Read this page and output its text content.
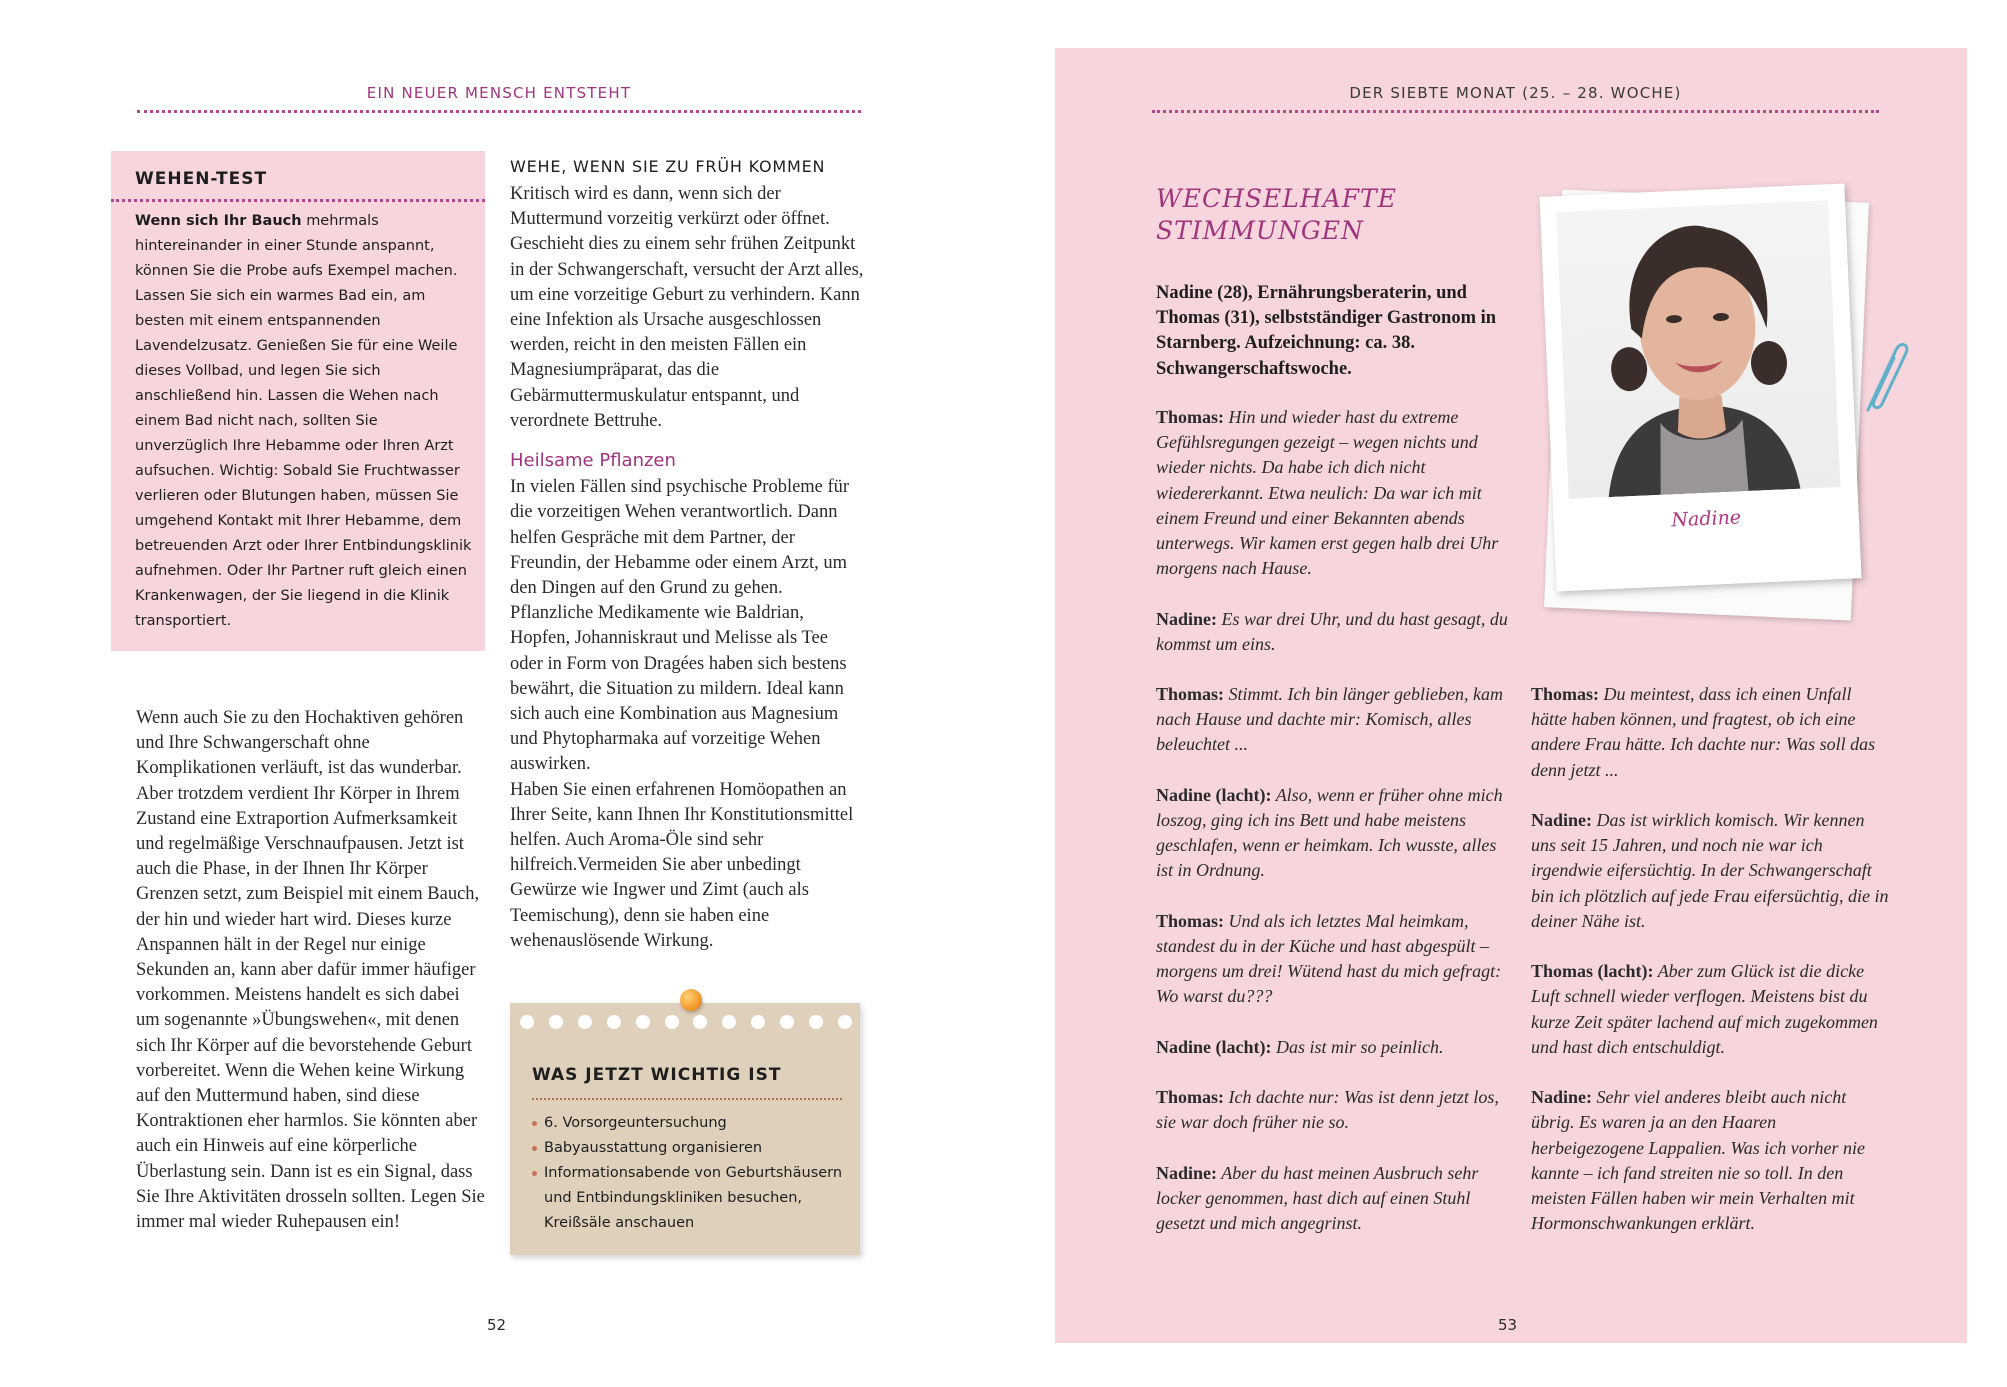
EIN NEUER MENSCH ENTSTEHT
WEHEN-TEST
Wenn sich Ihr Bauch mehrmals hintereinander in einer Stunde anspannt, können Sie die Probe aufs Exempel machen. Lassen Sie sich ein warmes Bad ein, am besten mit einem entspannenden Lavendelzusatz. Genießen Sie für eine Weile dieses Vollbad, und legen Sie sich anschließend hin. Lassen die Wehen nach einem Bad nicht nach, sollten Sie unverzüglich Ihre Hebamme oder Ihren Arzt aufsuchen. Wichtig: Sobald Sie Fruchtwasser verlieren oder Blutungen haben, müssen Sie umgehend Kontakt mit Ihrer Hebamme, dem betreuenden Arzt oder Ihrer Entbindungsklinik aufnehmen. Oder Ihr Partner ruft gleich einen Krankenwagen, der Sie liegend in die Klinik transportiert.
Wenn auch Sie zu den Hochaktiven gehören und Ihre Schwangerschaft ohne Komplikationen verläuft, ist das wunderbar. Aber trotzdem verdient Ihr Körper in Ihrem Zustand eine Extraportion Aufmerksamkeit und regelmäßige Verschnaufpausen. Jetzt ist auch die Phase, in der Ihnen Ihr Körper Grenzen setzt, zum Beispiel mit einem Bauch, der hin und wieder hart wird. Dieses kurze Anspannen hält in der Regel nur einige Sekunden an, kann aber dafür immer häufiger vorkommen. Meistens handelt es sich dabei um sogenannte »Übungswehen«, mit denen sich Ihr Körper auf die bevorstehende Geburt vorbereitet. Wenn die Wehen keine Wirkung auf den Muttermund haben, sind diese Kontraktionen eher harmlos. Sie könnten aber auch ein Hinweis auf eine körperliche Überlastung sein. Dann ist es ein Signal, dass Sie Ihre Aktivitäten drosseln sollten. Legen Sie immer mal wieder Ruhepausen ein!
WEHE, WENN SIE ZU FRÜH KOMMEN
Kritisch wird es dann, wenn sich der Muttermund vorzeitig verkürzt oder öffnet. Geschieht dies zu einem sehr frühen Zeitpunkt in der Schwangerschaft, versucht der Arzt alles, um eine vorzeitige Geburt zu verhindern. Kann eine Infektion als Ursache ausgeschlossen werden, reicht in den meisten Fällen ein Magnesiumpräparat, das die Gebärmuttermuskulatur entspannt, und verordnete Bettruhe.
Heilsame Pflanzen
In vielen Fällen sind psychische Probleme für die vorzeitigen Wehen verantwortlich. Dann helfen Gespräche mit dem Partner, der Freundin, der Hebamme oder einem Arzt, um den Dingen auf den Grund zu gehen. Pflanzliche Medikamente wie Baldrian, Hopfen, Johanniskraut und Melisse als Tee oder in Form von Dragées haben sich bestens bewährt, die Situation zu mildern. Ideal kann sich auch eine Kombination aus Magnesium und Phytopharmaka auf vorzeitige Wehen auswirken.
Haben Sie einen erfahrenen Homöopathen an Ihrer Seite, kann Ihnen Ihr Konstitutionsmittel helfen. Auch Aroma-Öle sind sehr hilfreich.Vermeiden Sie aber unbedingt Gewürze wie Ingwer und Zimt (auch als Teemischung), denn sie haben eine wehenauslösende Wirkung.
WAS JETZT WICHTIG IST
6. Vorsorgeuntersuchung
Babyausstattung organisieren
Informationsabende von Geburtshäusern und Entbindungskliniken besuchen, Kreißsäle anschauen
52
DER SIEBTE MONAT (25. – 28. WOCHE)
WECHSELHAFTE
STIMMUNGEN
Nadine (28), Ernährungsberaterin, und Thomas (31), selbstständiger Gastronom in Starnberg. Aufzeichnung: ca. 38. Schwangerschaftswoche.

Thomas: Hin und wieder hast du extreme Gefühlsregungen gezeigt – wegen nichts und wieder nichts. Da habe ich dich nicht wiedererkannt. Etwa neulich: Da war ich mit einem Freund und einer Bekannten abends unterwegs. Wir kamen erst gegen halb drei Uhr morgens nach Hause.

Nadine: Es war drei Uhr, und du hast gesagt, du kommst um eins.

Thomas: Stimmt. Ich bin länger geblieben, kam nach Hause und dachte mir: Komisch, alles beleuchtet ...

Nadine (lacht): Also, wenn er früher ohne mich loszog, ging ich ins Bett und habe meistens geschlafen, wenn er heimkam. Ich wusste, alles ist in Ordnung.

Thomas: Und als ich letztes Mal heimkam, standest du in der Küche und hast abgespült – morgens um drei! Wütend hast du mich gefragt: Wo warst du???

Nadine (lacht): Das ist mir so peinlich.

Thomas: Ich dachte nur: Was ist denn jetzt los, sie war doch früher nie so.

Nadine: Aber du hast meinen Ausbruch sehr locker genommen, hast dich auf einen Stuhl gesetzt und mich angegrinst.

Thomas: Du meintest, dass ich einen Unfall hätte haben können, und fragtest, ob ich eine andere Frau hätte. Ich dachte nur: Was soll das denn jetzt ...

Nadine: Das ist wirklich komisch. Wir kennen uns seit 15 Jahren, und noch nie war ich irgendwie eifersüchtig. In der Schwangerschaft bin ich plötzlich auf jede Frau eifersüchtig, die in deiner Nähe ist.

Thomas (lacht): Aber zum Glück ist die dicke Luft schnell wieder verflogen. Meistens bist du kurze Zeit später lachend auf mich zugekommen und hast dich entschuldigt.

Nadine: Sehr viel anderes bleibt auch nicht übrig. Es waren ja an den Haaren herbeigezogene Lappalien. Was ich vorher nie kannte – ich fand streiten nie so toll. In den meisten Fällen haben wir mein Verhalten mit Hormonschwankungen erklärt.

Nadine
53
